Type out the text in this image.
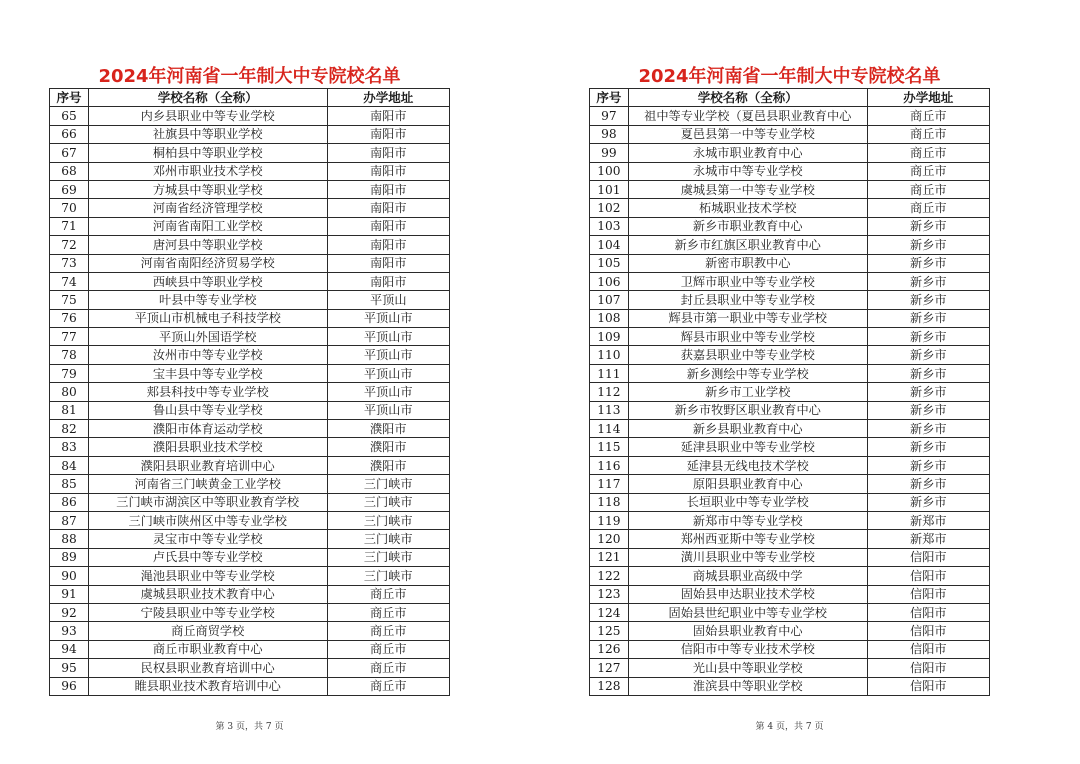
2024年河南省一年制大中专院校名单
序号	学校名称（全称）	办学地址
65	内乡县职业中等专业学校	南阳市
66	社旗县中等职业学校	南阳市
67	桐柏县中等职业学校	南阳市
68	邓州市职业技术学校	南阳市
69	方城县中等职业学校	南阳市
70	河南省经济管理学校	南阳市
71	河南省南阳工业学校	南阳市
72	唐河县中等职业学校	南阳市
73	河南省南阳经济贸易学校	南阳市
74	西峡县中等职业学校	南阳市
75	叶县中等专业学校	平顶山
76	平顶山市机械电子科技学校	平顶山市
77	平顶山外国语学校	平顶山市
78	汝州市中等专业学校	平顶山市
79	宝丰县中等专业学校	平顶山市
80	郏县科技中等专业学校	平顶山市
81	鲁山县中等专业学校	平顶山市
82	濮阳市体育运动学校	濮阳市
83	濮阳县职业技术学校	濮阳市
84	濮阳县职业教育培训中心	濮阳市
85	河南省三门峡黄金工业学校	三门峡市
86	三门峡市湖滨区中等职业教育学校	三门峡市
87	三门峡市陕州区中等专业学校	三门峡市
88	灵宝市中等专业学校	三门峡市
89	卢氏县中等专业学校	三门峡市
90	渑池县职业中等专业学校	三门峡市
91	虞城县职业技术教育中心	商丘市
92	宁陵县职业中等专业学校	商丘市
93	商丘商贸学校	商丘市
94	商丘市职业教育中心	商丘市
95	民权县职业教育培训中心	商丘市
96	睢县职业技术教育培训中心	商丘市
第 3 页，共 7 页
2024年河南省一年制大中专院校名单
序号	学校名称（全称）	办学地址
97	祖中等专业学校（夏邑县职业教育中心	商丘市
98	夏邑县第一中等专业学校	商丘市
99	永城市职业教育中心	商丘市
100	永城市中等专业学校	商丘市
101	虞城县第一中等专业学校	商丘市
102	柘城职业技术学校	商丘市
103	新乡市职业教育中心	新乡市
104	新乡市红旗区职业教育中心	新乡市
105	新密市职教中心	新乡市
106	卫辉市职业中等专业学校	新乡市
107	封丘县职业中等专业学校	新乡市
108	辉县市第一职业中等专业学校	新乡市
109	辉县市职业中等专业学校	新乡市
110	获嘉县职业中等专业学校	新乡市
111	新乡测绘中等专业学校	新乡市
112	新乡市工业学校	新乡市
113	新乡市牧野区职业教育中心	新乡市
114	新乡县职业教育中心	新乡市
115	延津县职业中等专业学校	新乡市
116	延津县无线电技术学校	新乡市
117	原阳县职业教育中心	新乡市
118	长垣职业中等专业学校	新乡市
119	新郑市中等专业学校	新郑市
120	郑州西亚斯中等专业学校	新郑市
121	潢川县职业中等专业学校	信阳市
122	商城县职业高级中学	信阳市
123	固始县申达职业技术学校	信阳市
124	固始县世纪职业中等专业学校	信阳市
125	固始县职业教育中心	信阳市
126	信阳市中等专业技术学校	信阳市
127	光山县中等职业学校	信阳市
128	淮滨县中等职业学校	信阳市
第 4 页，共 7 页
